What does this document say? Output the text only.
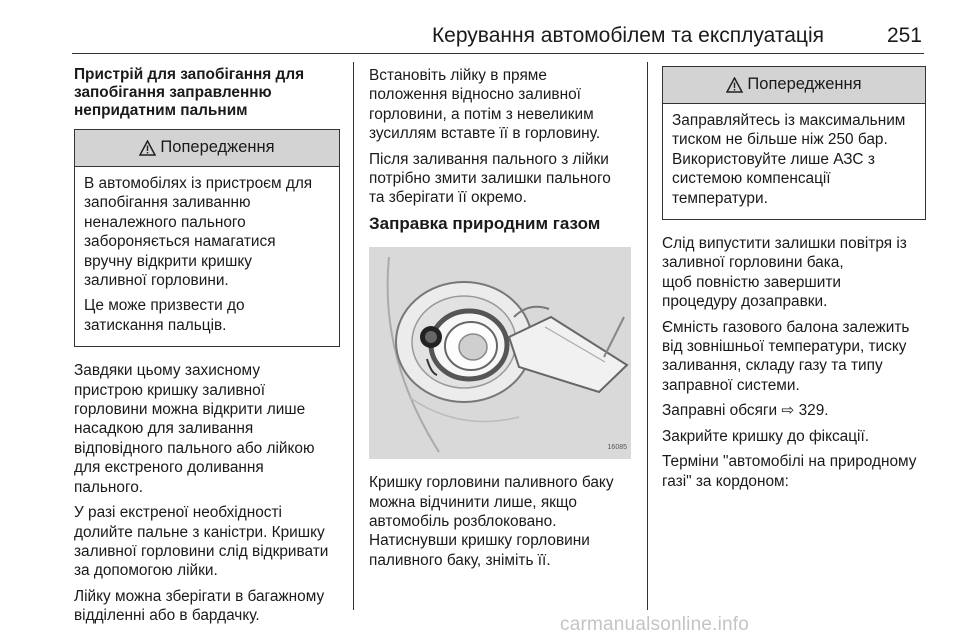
Керування автомобілем та експлуатація	251
Пристрій для запобігання для
запобігання заправленню
непридатним пальним
Попередження

В автомобілях із пристроєм для
запобігання заливанню
неналежного пального
забороняється намагатися
вручну відкрити кришку
заливної горловини.

Це може призвести до
затискання пальців.

Завдяки цьому захисному
пристрою кришку заливної
горловини можна відкрити лише
насадкою для заливання
відповідного пального або лійкою
для екстреного доливання
пального.

У разі екстреної необхідності
долийте пальне з каністри. Кришку
заливної горловини слід відкривати
за допомогою лійки.

Лійку можна зберігати в багажному
відділенні або в бардачку.

Встановіть лійку в пряме
положення відносно заливної
горловини, а потім з невеликим
зусиллям вставте її в горловину.

Після заливання пального з лійки
потрібно змити залишки пального
та зберігати її окремо.

Заправка природним газом
16085

Кришку горловини паливного баку
можна відчинити лише, якщо
автомобіль розблоковано.
Натиснувши кришку горловини
паливного баку, зніміть її.

Попередження

Заправляйтесь із максимальним
тиском не більше ніж 250 бар.
Використовуйте лише АЗС з
системою компенсації
температури.

Слід випустити залишки повітря із
заливної горловини бака,
щоб повністю завершити
процедуру дозаправки.

Ємність газового балона залежить
від зовнішньої температури, тиску
заливання, складу газу та типу
заправної системи.

Заправні обсяги ⇨ 329.

Закрийте кришку до фіксації.

Терміни "автомобілі на природному
газі" за кордоном:

carmanualsonline.info
